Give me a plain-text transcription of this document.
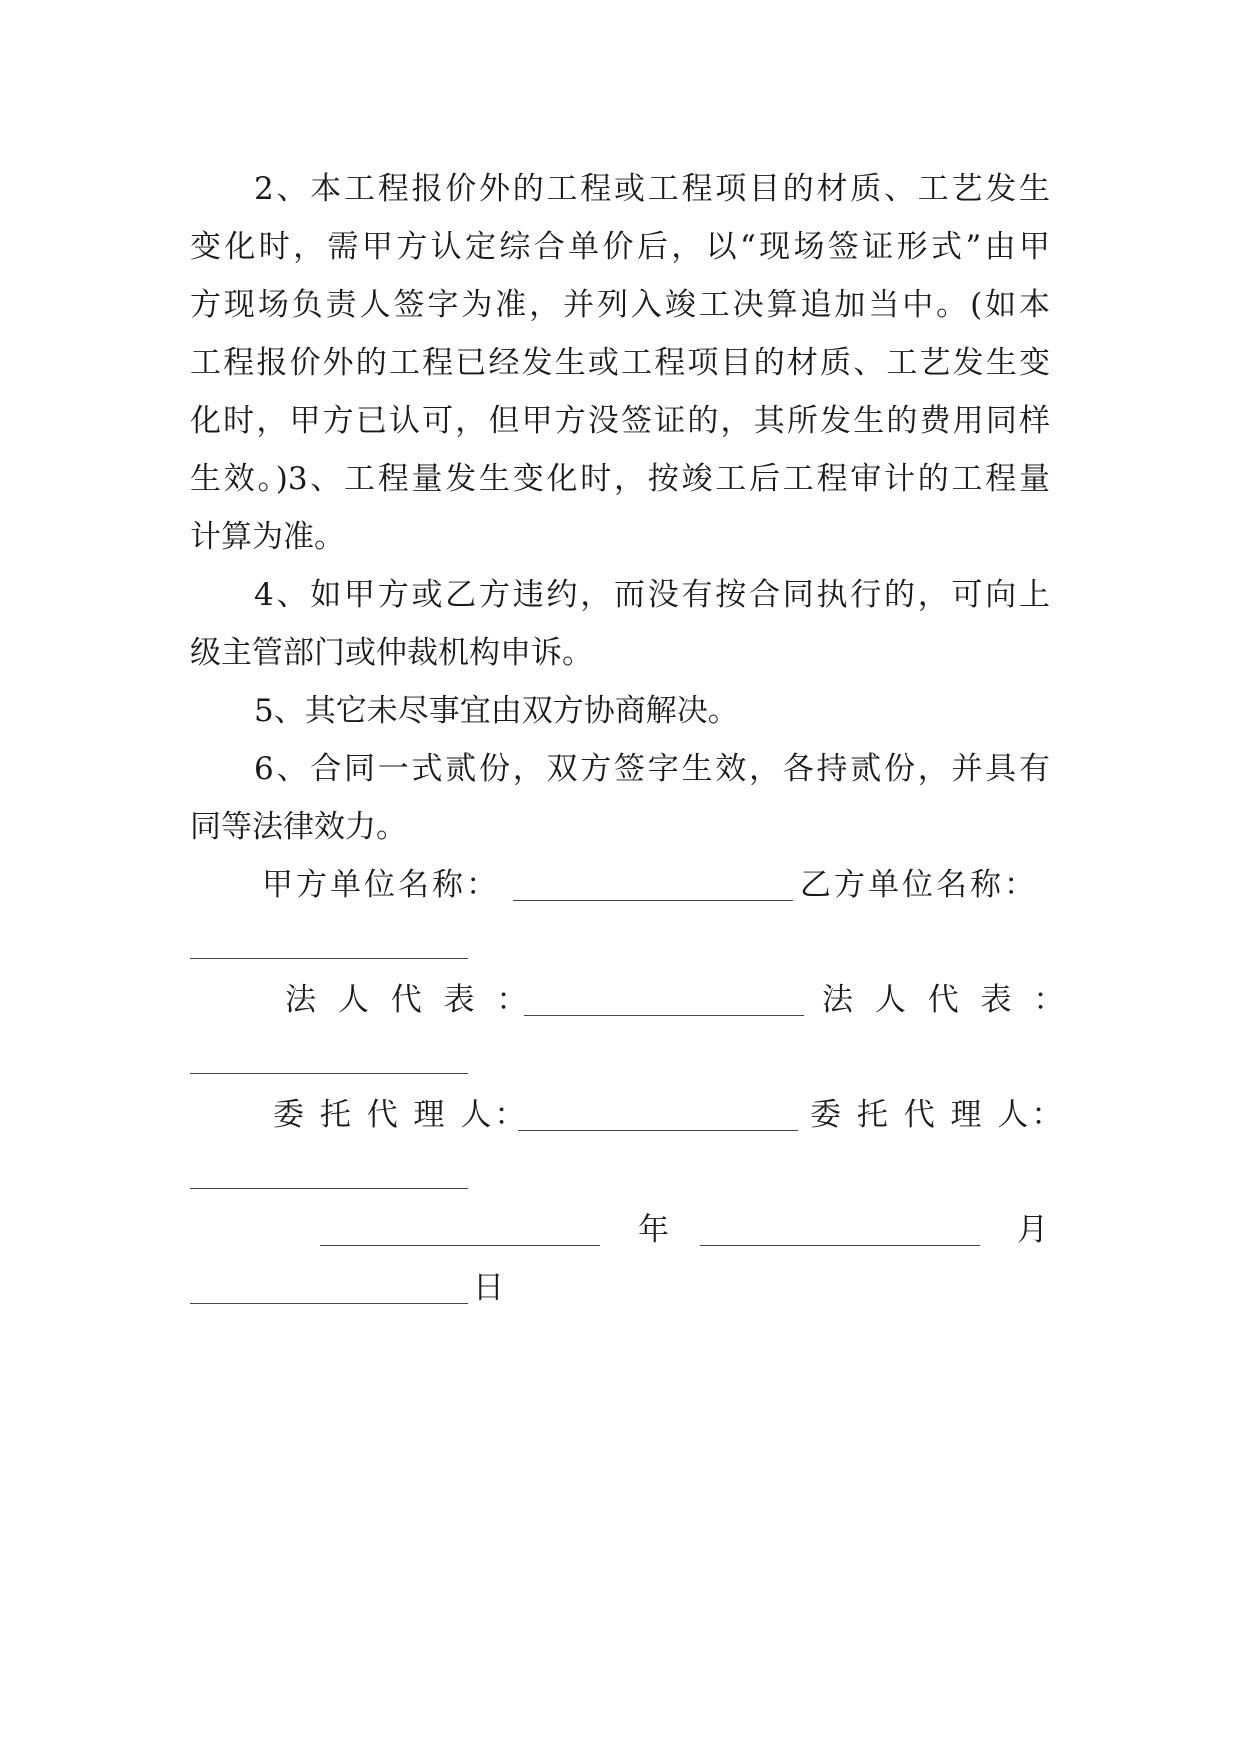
2、本工程报价外的工程或工程项目的材质、工艺发生
变化时，需甲方认定综合单价后，以“现场签证形式”由甲
方现场负责人签字为准，并列入竣工决算追加当中。(如本
工程报价外的工程已经发生或工程项目的材质、工艺发生变
化时，甲方已认可，但甲方没签证的，其所发生的费用同样
生效。)3、工程量发生变化时，按竣工后工程审计的工程量
计算为准。
4、如甲方或乙方违约，而没有按合同执行的，可向上
级主管部门或仲裁机构申诉。
5、其它未尽事宜由双方协商解决。
6、合同一式贰份，双方签字生效，各持贰份，并具有
同等法律效力。
甲方单位名称：	乙方单位名称：
法 人 代 表 ：	法 人 代 表 ：
委 托 代 理 人：	委 托 代 理 人：
年	月
日
